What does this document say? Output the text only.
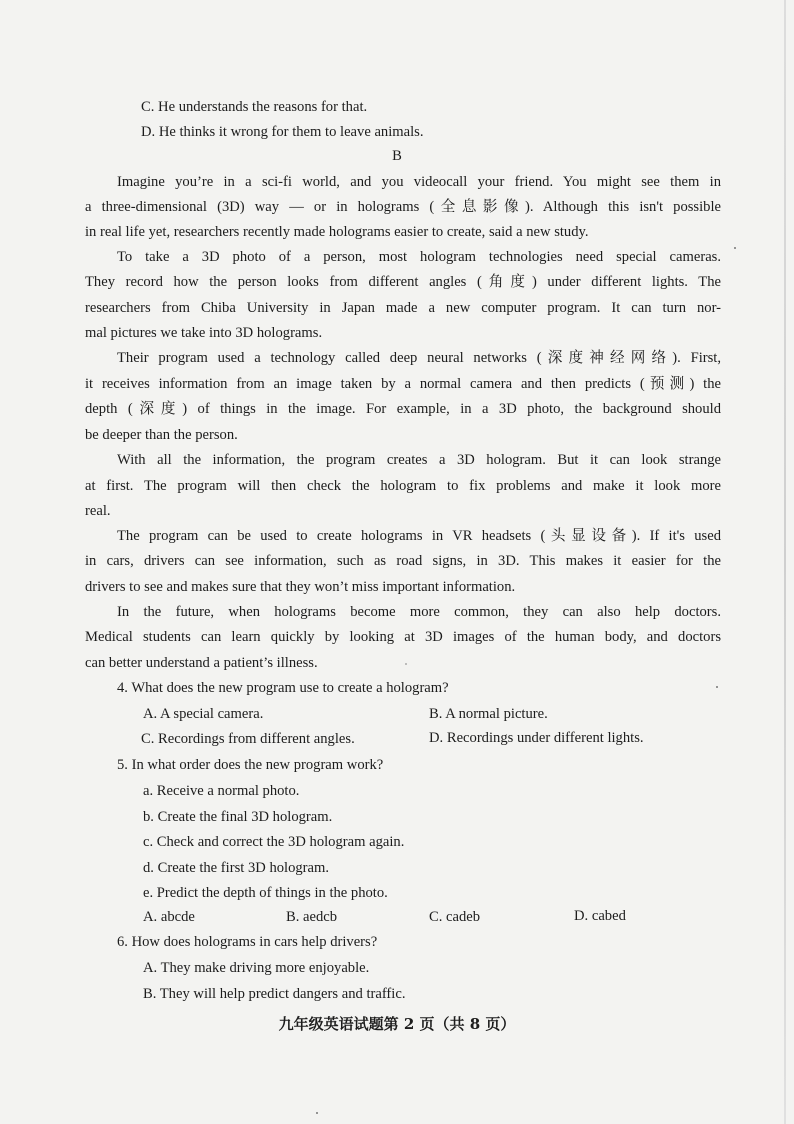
C. He understands the reasons for that.
D. He thinks it wrong for them to leave animals.
B
Imagine you’re in a sci-fi world, and you videocall your friend. You might see them in
a three-dimensional (3D) way — or in holograms (全息影像). Although this isn't possible
in real life yet, researchers recently made holograms easier to create, said a new study.
To take a 3D photo of a person, most hologram technologies need special cameras.
They record how the person looks from different angles (角度) under different lights. The
researchers from Chiba University in Japan made a new computer program. It can turn nor-
mal pictures we take into 3D holograms.
Their program used a technology called deep neural networks (深度神经网络). First,
it receives information from an image taken by a normal camera and then predicts (预测) the
depth (深度) of things in the image. For example, in a 3D photo, the background should
be deeper than the person.
With all the information, the program creates a 3D hologram. But it can look strange
at first. The program will then check the hologram to fix problems and make it look more
real.
The program can be used to create holograms in VR headsets (头显设备). If it's used
in cars, drivers can see information, such as road signs, in 3D. This makes it easier for the
drivers to see and makes sure that they won’t miss important information.
In the future, when holograms become more common, they can also help doctors.
Medical students can learn quickly by looking at 3D images of the human body, and doctors
can better understand a patient’s illness.
4. What does the new program use to create a hologram?
A. A special camera.	B. A normal picture.
C. Recordings from different angles.	D. Recordings under different lights.
5. In what order does the new program work?
a. Receive a normal photo.
b. Create the final 3D hologram.
c. Check and correct the 3D hologram again.
d. Create the first 3D hologram.
e. Predict the depth of things in the photo.
A. abcde	B. aedcb	C. cadeb	D. cabed
6. How does holograms in cars help drivers?
A. They make driving more enjoyable.
B. They will help predict dangers and traffic.
九年级英语试题第 2 页（共 8 页）
